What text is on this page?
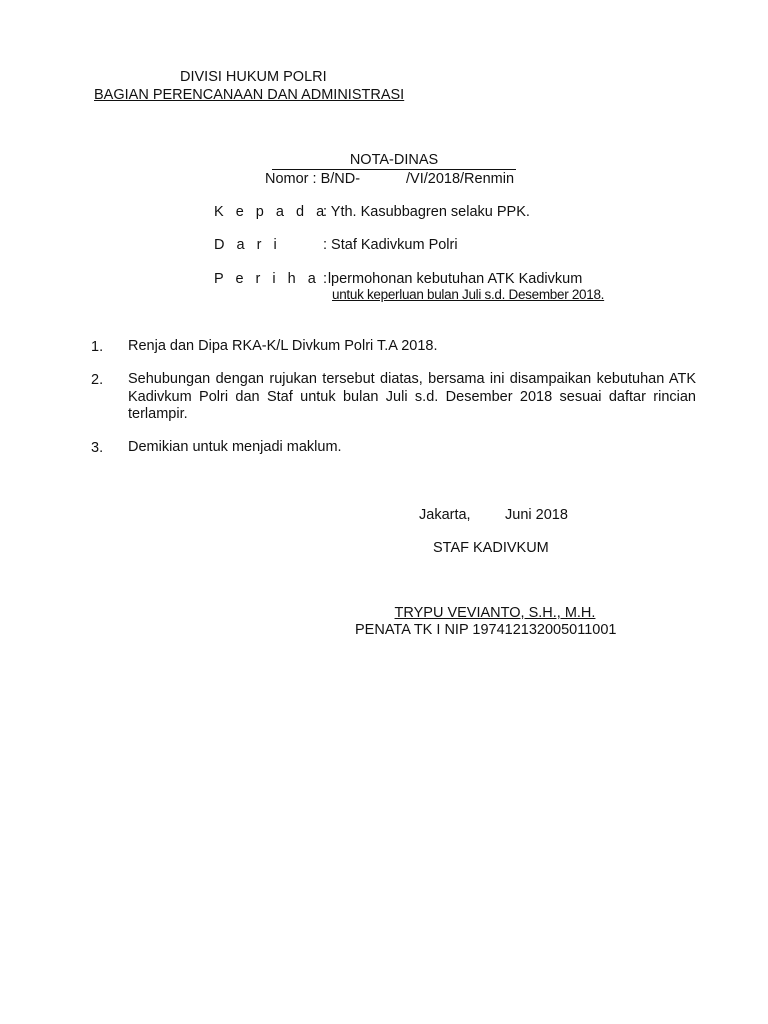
DIVISI HUKUM POLRI
BAGIAN PERENCANAAN DAN ADMINISTRASI
NOTA-DINAS
Nomor : B/ND-	/VI/2018/Renmin
K e p a d a
: Yth. Kasubbagren selaku PPK.
D a r i	: Staf Kadivkum Polri
P e r i h a l
: permohonan kebutuhan ATK Kadivkum
untuk keperluan bulan Juli s.d. Desember 2018.
1. Renja dan Dipa RKA-K/L Divkum Polri T.A 2018.
2. Sehubungan dengan rujukan tersebut diatas, bersama ini disampaikan kebutuhan ATK Kadivkum Polri dan Staf untuk bulan Juli s.d. Desember 2018 sesuai daftar rincian terlampir.
3. Demikian untuk menjadi maklum.
Jakarta, Juni 2018
STAF KADIVKUM
TRYPU VEVIANTO, S.H., M.H.
PENATA TK I NIP 197412132005011001
